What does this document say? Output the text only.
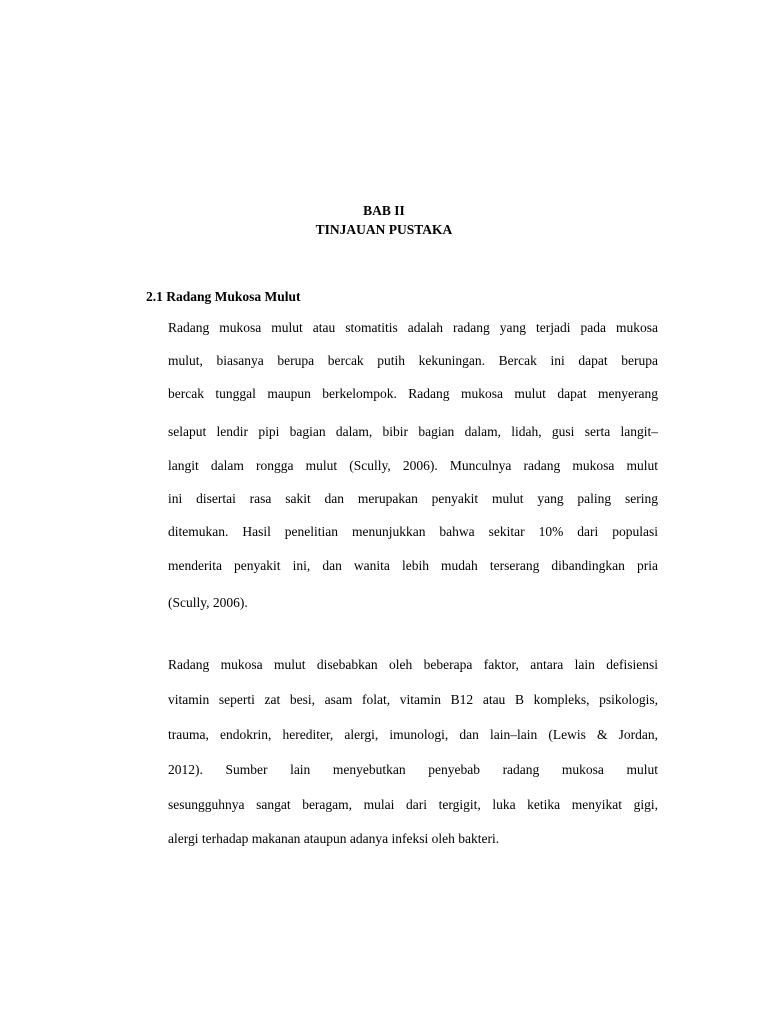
BAB II
TINJAUAN PUSTAKA
2.1 Radang Mukosa Mulut
Radang mukosa mulut atau stomatitis adalah radang yang terjadi pada mukosa
mulut, biasanya berupa bercak putih kekuningan. Bercak ini dapat berupa
bercak tunggal maupun berkelompok. Radang mukosa mulut dapat menyerang
selaput lendir pipi bagian dalam, bibir bagian dalam, lidah, gusi serta langit–
langit dalam rongga mulut (Scully, 2006). Munculnya radang mukosa mulut
ini disertai rasa sakit dan merupakan penyakit mulut yang paling sering
ditemukan. Hasil penelitian menunjukkan bahwa sekitar 10% dari populasi
menderita penyakit ini, dan wanita lebih mudah terserang dibandingkan pria
(Scully, 2006).
Radang mukosa mulut disebabkan oleh beberapa faktor, antara lain defisiensi
vitamin seperti zat besi, asam folat, vitamin B12 atau B kompleks, psikologis,
trauma, endokrin, herediter, alergi, imunologi, dan lain–lain (Lewis & Jordan,
2012). Sumber lain menyebutkan penyebab radang mukosa mulut
sesungguhnya sangat beragam, mulai dari tergigit, luka ketika menyikat gigi,
alergi terhadap makanan ataupun adanya infeksi oleh bakteri.
